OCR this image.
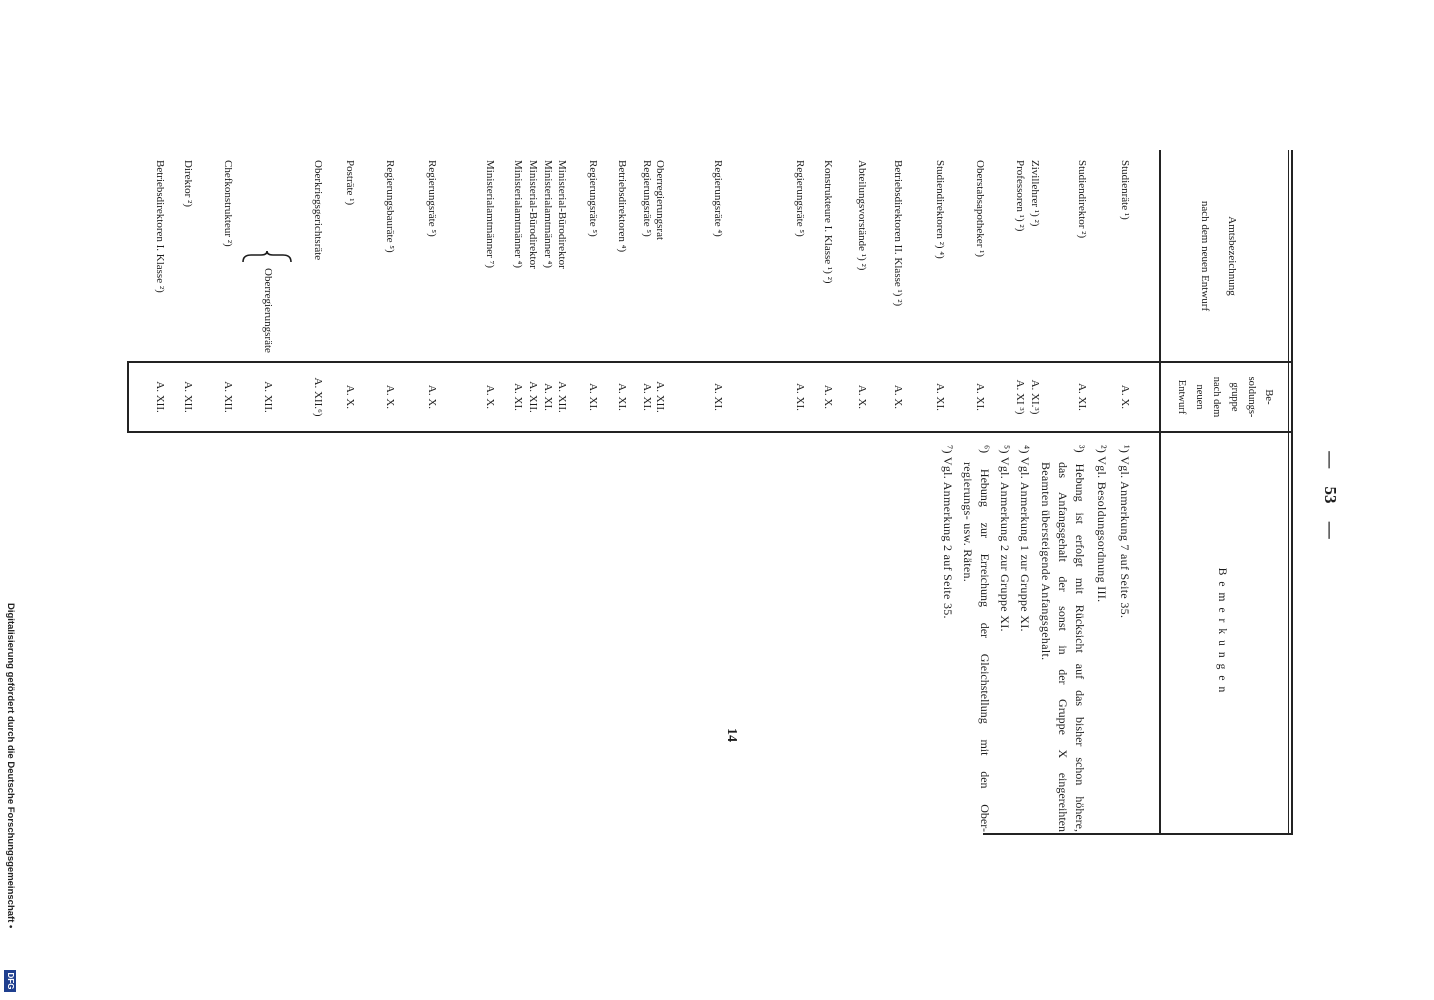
— 53 —
Amtsbezeichnung
nach dem neuen Entwurf
Be-
soldungs-
gruppe
nach dem
neuen
Entwurf
Bemerkungen
Studienräte ¹)
A. X.
Studiendirektor ²)
A. XI.
Zivillehrer ¹) ²)
A. XI.³)
Professoren ¹) ²)
A. XI ³)
Oberstabsapotheker ¹)
A. XI.
Studiendirektoren ²) ⁴)
A. XI.
Betriebsdirektoren II. Klasse ¹) ²)
A. X.
Abteilungsvorstände ¹) ²)
A. X.
Konstrukteure I. Klasse ¹) ²)
A. X.
Regierungsräte ⁵)
A. XI.
Regierungsräte ⁴)
A. XI.
Oberregierungsrat
A. XII.
Regierungsräte ⁵)
A. XI.
Betriebsdirektoren ⁴)
A. XI.
Regierungsräte ⁵)
A. XI.
Ministerial-Bürodirektor
A. XII.
Ministerialamtmänner ⁴)
A. XI.
Ministerial-Bürodirektor
A. XII.
Ministerialamtmänner ⁴)
A. XI.
Ministerialamtmänner ⁷)
A. X.
Regierungsräte ⁵)
A. X.
Regierungsbauräte ⁵)
A. X.
Posträte ¹)
A. X.
Oberkriegsgerichtsräte
A. XII.⁶)
Oberregierungsräte
A. XII.
Chefkonstrukteur ²)
A. XII.
Direktor ²)
A. XII.
Betriebsdirektoren I. Klasse ²)
A. XII.
¹) Vgl. Anmerkung 7 auf Seite 35.
²) Vgl. Besoldungsordnung III.
³) Hebung ist erfolgt mit Rücksicht auf das bisher schon höhere,
das Anfangsgehalt der sonst in der Gruppe X eingereihten
Beamten übersteigende Anfangsgehalt.
⁴) Vgl. Anmerkung 1 zur Gruppe XI.
⁵) Vgl. Anmerkung 2 zur Gruppe XI.
⁶) Hebung zur Erreichung der Gleichstellung mit den Ober-
regierungs- usw. Räten.
⁷) Vgl. Anmerkung 2 auf Seite 35.
14
Digitalisierung gefördert durch die Deutsche Forschungsgemeinschaft •
DFG
